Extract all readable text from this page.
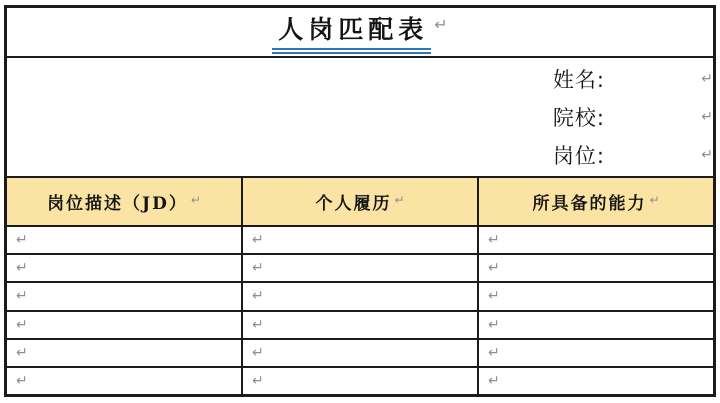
人岗匹配表 ↵
姓名:	↵
院校:	↵
岗位:	↵
岗位描述（JD） ↵	个人履历 ↵	所具备的能力 ↵
↵	↵	↵
↵	↵	↵
↵	↵	↵
↵	↵	↵
↵	↵	↵
↵	↵	↵
